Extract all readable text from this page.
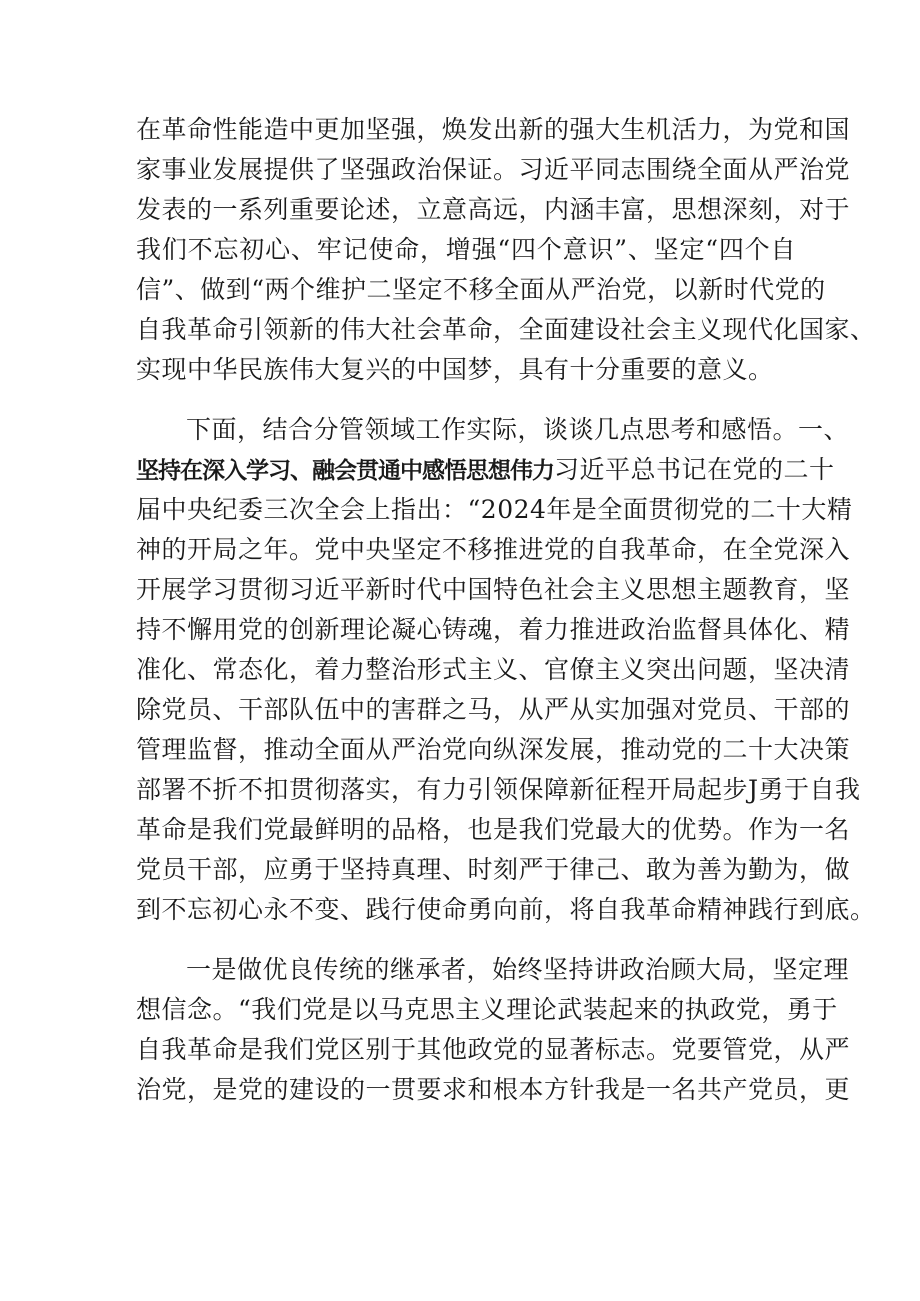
在革命性能造中更加坚强，焕发出新的强大生机活力，为党和国
家事业发展提供了坚强政治保证。习近平同志围绕全面从严治党
发表的一系列重要论述，立意高远，内涵丰富，思想深刻，对于
我们不忘初心、牢记使命，增强“四个意识”、坚定“四个自
信”、做到“两个维护二坚定不移全面从严治党，以新时代党的
自我革命引领新的伟大社会革命，全面建设社会主义现代化国家、
实现中华民族伟大复兴的中国梦，具有十分重要的意义。
下面，结合分管领域工作实际，谈谈几点思考和感悟。一、
坚持在深入学习、融会贯通中感悟思想伟力习近平总书记在党的二十
届中央纪委三次全会上指出：“2024年是全面贯彻党的二十大精
神的开局之年。党中央坚定不移推进党的自我革命，在全党深入
开展学习贯彻习近平新时代中国特色社会主义思想主题教育，坚
持不懈用党的创新理论凝心铸魂，着力推进政治监督具体化、精
准化、常态化，着力整治形式主义、官僚主义突出问题，坚决清
除党员、干部队伍中的害群之马，从严从实加强对党员、干部的
管理监督，推动全面从严治党向纵深发展，推动党的二十大决策
部署不折不扣贯彻落实，有力引领保障新征程开局起步J勇于自我
革命是我们党最鲜明的品格，也是我们党最大的优势。作为一名
党员干部，应勇于坚持真理、时刻严于律己、敢为善为勤为，做
到不忘初心永不变、践行使命勇向前，将自我革命精神践行到底。
一是做优良传统的继承者，始终坚持讲政治顾大局，坚定理
想信念。“我们党是以马克思主义理论武装起来的执政党，勇于
自我革命是我们党区别于其他政党的显著标志。党要管党，从严
治党，是党的建设的一贯要求和根本方针我是一名共产党员，更
